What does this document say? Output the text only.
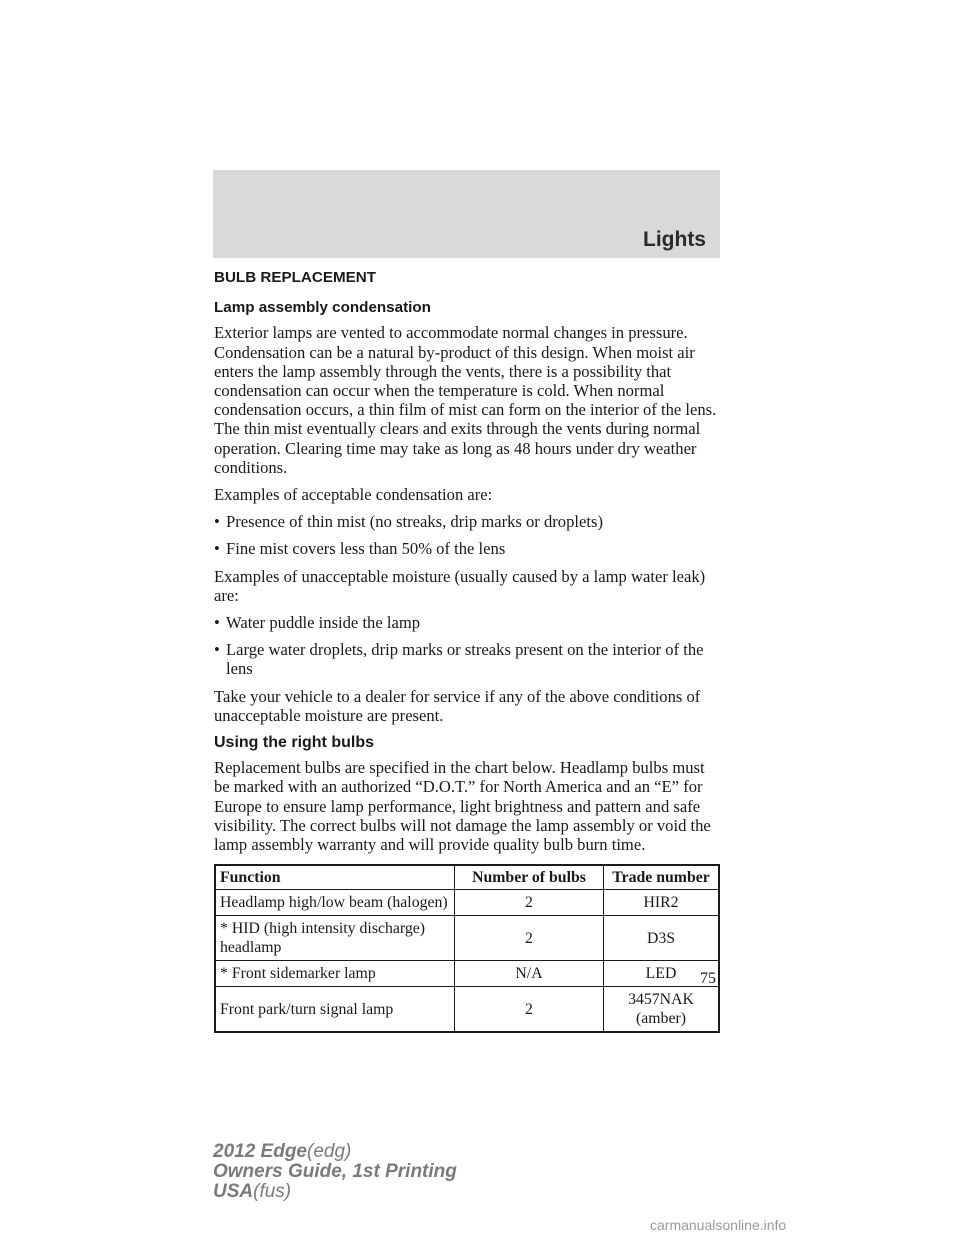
Lights
BULB REPLACEMENT
Lamp assembly condensation

Exterior lamps are vented to accommodate normal changes in pressure. Condensation can be a natural by-product of this design. When moist air enters the lamp assembly through the vents, there is a possibility that condensation can occur when the temperature is cold. When normal condensation occurs, a thin film of mist can form on the interior of the lens. The thin mist eventually clears and exits through the vents during normal operation. Clearing time may take as long as 48 hours under dry weather conditions.

Examples of acceptable condensation are:

• Presence of thin mist (no streaks, drip marks or droplets)
• Fine mist covers less than 50% of the lens

Examples of unacceptable moisture (usually caused by a lamp water leak) are:

• Water puddle inside the lamp
• Large water droplets, drip marks or streaks present on the interior of the lens

Take your vehicle to a dealer for service if any of the above conditions of unacceptable moisture are present.

Using the right bulbs

Replacement bulbs are specified in the chart below. Headlamp bulbs must be marked with an authorized “D.O.T.” for North America and an “E” for Europe to ensure lamp performance, light brightness and pattern and safe visibility. The correct bulbs will not damage the lamp assembly or void the lamp assembly warranty and will provide quality bulb burn time.

Function	Number of bulbs	Trade number
Headlamp high/low beam (halogen)	2	HIR2
* HID (high intensity discharge) headlamp	2	D3S
* Front sidemarker lamp	N/A	LED
Front park/turn signal lamp	2	3457NAK (amber)
75
2012 Edge(edg)
Owners Guide, 1st Printing
USA(fus)
carmanualsonline.info
